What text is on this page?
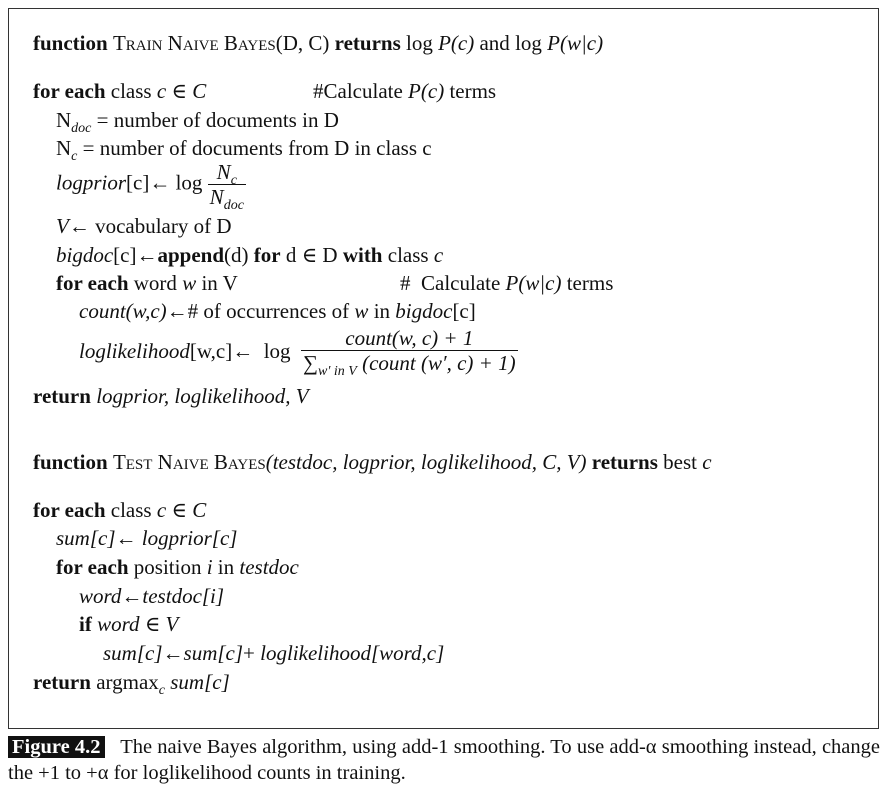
function Train Naive Bayes(D, C) returns log P(c) and log P(w|c)
for each class c ∈ C	#Calculate P(c) terms
$N_{doc}$ = number of documents in D
$N_c$ = number of documents from D in class c
logprior[c]← $\log \frac{N_c}{N_{doc}}$
V← vocabulary of D
bigdoc[c]←append(d) for d ∈ D with class c
for each word w in V	# Calculate P(w|c) terms
count(w,c)←# of occurrences of w in bigdoc[c]
loglikelihood[w,c]← $\log \frac{\text{count(w, c) + 1}}{\sum_{w' in V} (count (w', c) + 1)}$
return logprior, loglikelihood, V
function Test Naive Bayes(testdoc, logprior, loglikelihood, C, V) returns best c
for each class c ∈ C
sum[c]← logprior[c]
for each position i in testdoc
word←testdoc[i]
if word ∈ V
sum[c]←sum[c]+ loglikelihood[word,c]
return argmax$_c$ sum[c]
Figure 4.2 The naive Bayes algorithm, using add-1 smoothing. To use add-α smoothing instead, change the +1 to +α for loglikelihood counts in training.
